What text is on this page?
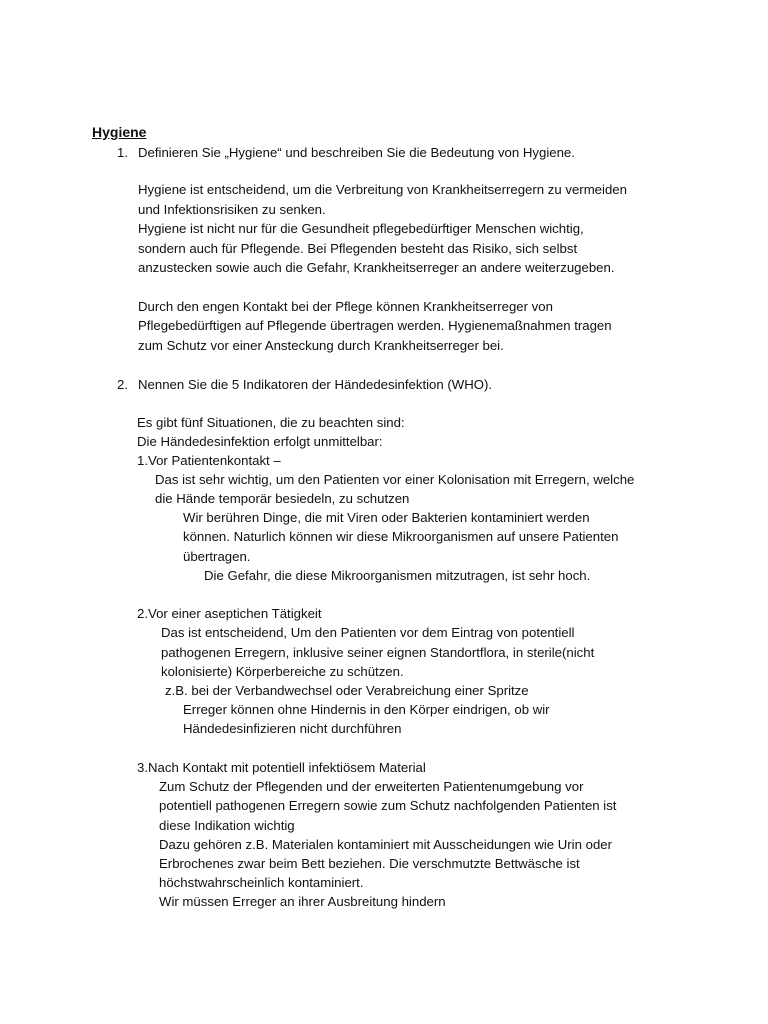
Hygiene
1. Definieren Sie „Hygiene“ und beschreiben Sie die Bedeutung von Hygiene.
Hygiene ist entscheidend, um die Verbreitung von Krankheitserregern zu vermeiden
und Infektionsrisiken zu senken.
Hygiene ist nicht nur für die Gesundheit pflegebedürftiger Menschen wichtig,
sondern auch für Pflegende. Bei Pflegenden besteht das Risiko, sich selbst
anzustecken sowie auch die Gefahr, Krankheitserreger an andere weiterzugeben.
Durch den engen Kontakt bei der Pflege können Krankheitserreger von
Pflegebedürftigen auf Pflegende übertragen werden. Hygienemaßnahmen tragen
zum Schutz vor einer Ansteckung durch Krankheitserreger bei.
2. Nennen Sie die 5 Indikatoren der Händedesinfektion (WHO).
Es gibt fünf Situationen, die zu beachten sind:
Die Händedesinfektion erfolgt unmittelbar:
1.Vor Patientenkontakt –
Das ist sehr wichtig, um den Patienten vor einer Kolonisation mit Erregern, welche
die Hände temporär besiedeln, zu schutzen
Wir berühren Dinge, die mit Viren oder Bakterien kontaminiert werden
können. Naturlich können wir diese Mikroorganismen auf unsere Patienten
übertragen.
Die Gefahr, die diese Mikroorganismen mitzutragen, ist sehr hoch.
2.Vor einer aseptichen Tätigkeit
Das ist entscheidend, Um den Patienten vor dem Eintrag von potentiell
pathogenen Erregern, inklusive seiner eignen Standortflora, in sterile(nicht
kolonisierte) Körperbereiche zu schützen.
z.B. bei der Verbandwechsel oder Verabreichung einer Spritze
Erreger können ohne Hindernis in den Körper eindrigen, ob wir
Händedesinfizieren nicht durchführen
3.Nach Kontakt mit potentiell infektiösem Material
Zum Schutz der Pflegenden und der erweiterten Patientenumgebung vor
potentiell pathogenen Erregern sowie zum Schutz nachfolgenden Patienten ist
diese Indikation wichtig
Dazu gehören z.B. Materialen kontaminiert mit Ausscheidungen wie Urin oder
Erbrochenes zwar beim Bett beziehen. Die verschmutzte Bettwäsche ist
höchstwahrscheinlich kontaminiert.
Wir müssen Erreger an ihrer Ausbreitung hindern
